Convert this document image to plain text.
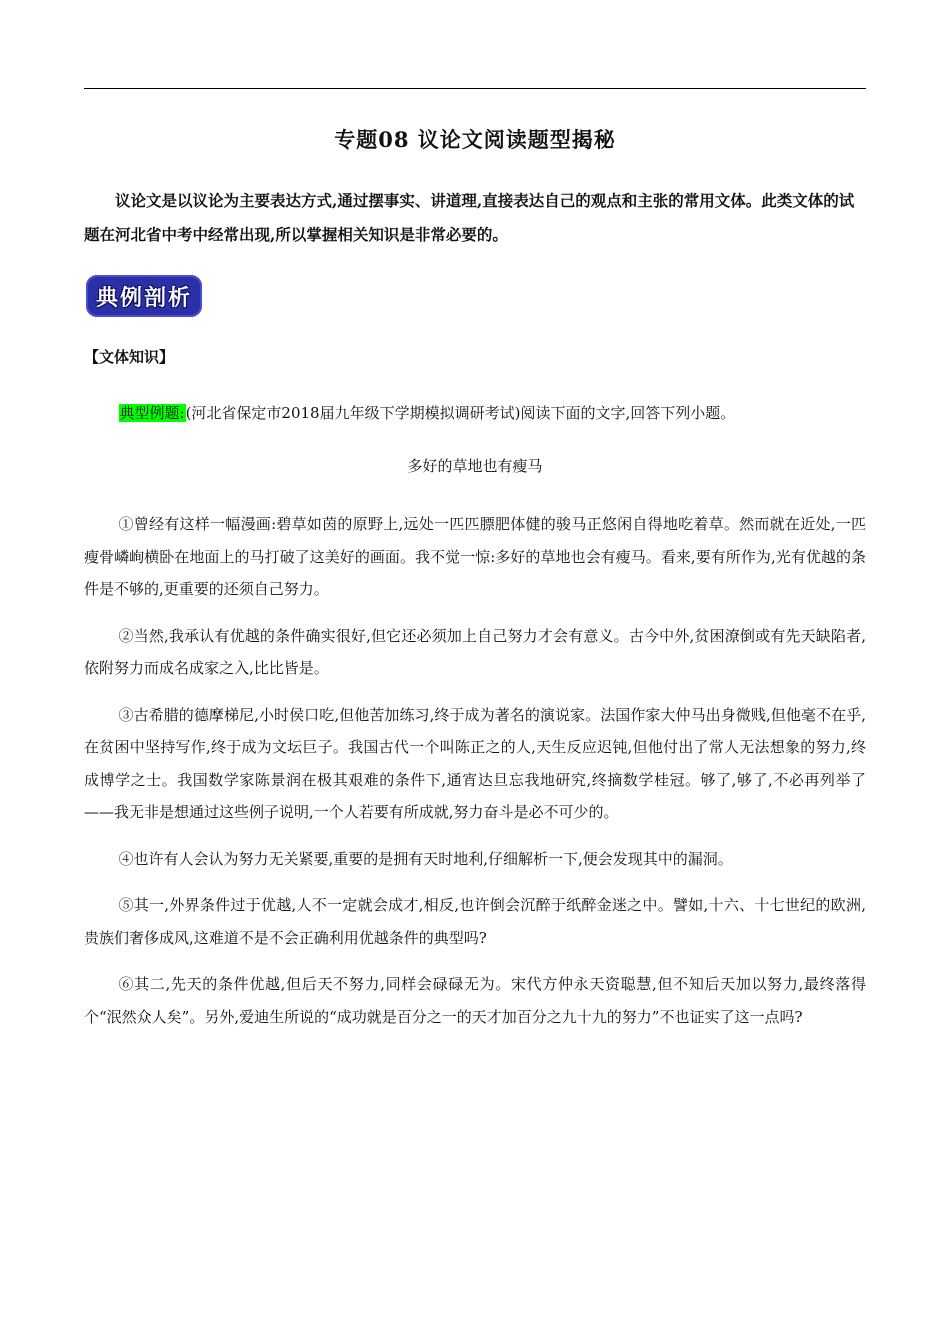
专题08 议论文阅读题型揭秘

议论文是以议论为主要表达方式,通过摆事实、讲道理,直接表达自己的观点和主张的常用文体。此类文体的试题在河北省中考中经常出现,所以掌握相关知识是非常必要的。

典例剖析
【文体知识】

典型例题:(河北省保定市2018届九年级下学期模拟调研考试)阅读下面的文字,回答下列小题。

多好的草地也有瘦马

①曾经有这样一幅漫画:碧草如茵的原野上,远处一匹匹膘肥体健的骏马正悠闲自得地吃着草。然而就在近处,一匹瘦骨嶙峋横卧在地面上的马打破了这美好的画面。我不觉一惊:多好的草地也会有瘦马。看来,要有所作为,光有优越的条件是不够的,更重要的还须自己努力。

②当然,我承认有优越的条件确实很好,但它还必须加上自己努力才会有意义。古今中外,贫困潦倒或有先天缺陷者,依附努力而成名成家之入,比比皆是。

③古希腊的德摩梯尼,小时侯口吃,但他苦加练习,终于成为著名的演说家。法国作家大仲马出身微贱,但他毫不在乎,在贫困中坚持写作,终于成为文坛巨子。我国古代一个叫陈正之的人,天生反应迟钝,但他付出了常人无法想象的努力,终成博学之士。我国数学家陈景润在极其艰难的条件下,通宵达旦忘我地研究,终摘数学桂冠。够了,够了,不必再列举了——我无非是想通过这些例子说明,一个人若要有所成就,努力奋斗是必不可少的。

④也许有人会认为努力无关紧要,重要的是拥有天时地利,仔细解析一下,便会发现其中的漏洞。

⑤其一,外界条件过于优越,人不一定就会成才,相反,也许倒会沉醉于纸醉金迷之中。譬如,十六、十七世纪的欧洲,贵族们奢侈成风,这难道不是不会正确利用优越条件的典型吗?

⑥其二,先天的条件优越,但后天不努力,同样会碌碌无为。宋代方仲永天资聪慧,但不知后天加以努力,最终落得个“泯然众人矣”。另外,爱迪生所说的“成功就是百分之一的天才加百分之九十九的努力”不也证实了这一点吗?
